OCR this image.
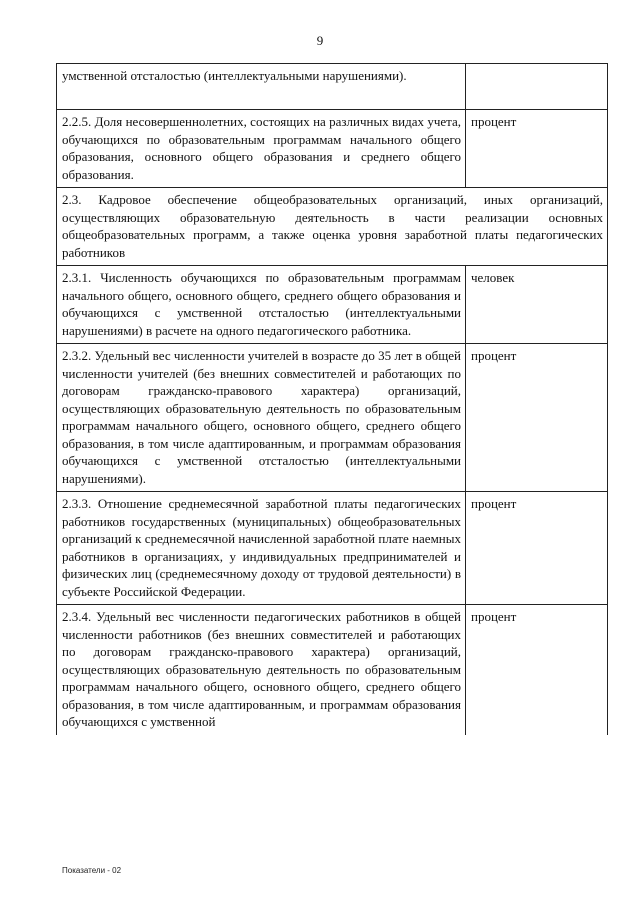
9
умственной отсталостью (интеллектуальными нарушениями).	
2.2.5. Доля несовершеннолетних, состоящих на различных видах учета, обучающихся по образовательным программам начального общего образования, основного общего образования и среднего общего образования.	процент
2.3. Кадровое обеспечение общеобразовательных организаций, иных организаций, осуществляющих образовательную деятельность в части реализации основных общеобразовательных программ, а также оценка уровня заработной платы педагогических работников	
2.3.1. Численность обучающихся по образовательным программам начального общего, основного общего, среднего общего образования и обучающихся с умственной отсталостью (интеллектуальными нарушениями) в расчете на одного педагогического работника.	человек
2.3.2. Удельный вес численности учителей в возрасте до 35 лет в общей численности учителей (без внешних совместителей и работающих по договорам гражданско-правового характера) организаций, осуществляющих образовательную деятельность по образовательным программам начального общего, основного общего, среднего общего образования, в том числе адаптированным, и программам образования обучающихся с умственной отсталостью (интеллектуальными нарушениями).	процент
2.3.3. Отношение среднемесячной заработной платы педагогических работников государственных (муниципальных) общеобразовательных организаций к среднемесячной начисленной заработной плате наемных работников в организациях, у индивидуальных предпринимателей и физических лиц (среднемесячному доходу от трудовой деятельности) в субъекте Российской Федерации.	процент
2.3.4. Удельный вес численности педагогических работников в общей численности работников (без внешних совместителей и работающих по договорам гражданско-правового характера) организаций, осуществляющих образовательную деятельность по образовательным программам начального общего, основного общего, среднего общего образования, в том числе адаптированным, и программам образования обучающихся с умственной	процент
Показатели - 02
